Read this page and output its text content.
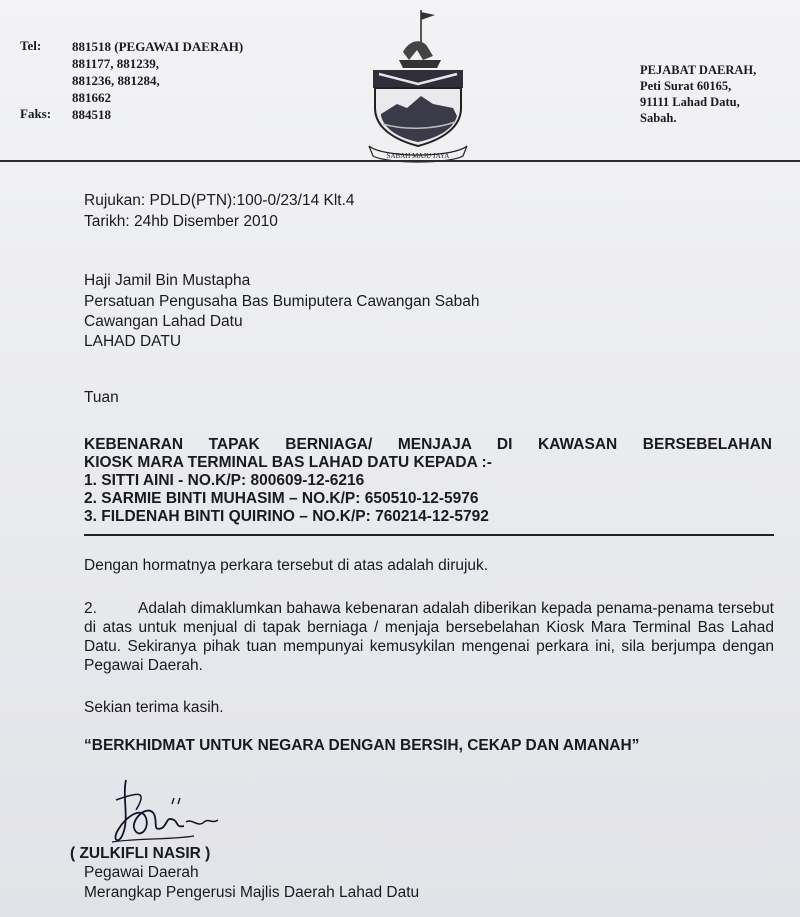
Tel: 881518 (PEGAWAI DAERAH)
881177, 881239,
881236, 881284,
881662
884518
Faks:
SABAH MAJU JAYA
PEJABAT DAERAH,
Peti Surat 60165,
91111 Lahad Datu,
Sabah.
Rujukan: PDLD(PTN):100-0/23/14 Klt.4
Tarikh: 24hb Disember 2010
Haji Jamil Bin Mustapha
Persatuan Pengusaha Bas Bumiputera Cawangan Sabah
Cawangan Lahad Datu
LAHAD DATU
Tuan
KEBENARAN TAPAK BERNIAGA/ MENJAJA DI KAWASAN BERSEBELAHAN
KIOSK MARA TERMINAL BAS LAHAD DATU KEPADA :-
1. SITTI AINI - NO.K/P: 800609-12-6216
2. SARMIE BINTI MUHASIM – NO.K/P: 650510-12-5976
3. FILDENAH BINTI QUIRINO – NO.K/P: 760214-12-5792
Dengan hormatnya perkara tersebut di atas adalah dirujuk.
2.	Adalah dimaklumkan bahawa kebenaran adalah diberikan kepada penama-penama tersebut di atas untuk menjual di tapak berniaga / menjaja bersebelahan Kiosk Mara Terminal Bas Lahad Datu. Sekiranya pihak tuan mempunyai kemusykilan mengenai perkara ini, sila berjumpa dengan Pegawai Daerah.
Sekian terima kasih.
“BERKHIDMAT UNTUK NEGARA DENGAN BERSIH, CEKAP DAN AMANAH”
( ZULKIFLI NASIR )
Pegawai Daerah
Merangkap Pengerusi Majlis Daerah Lahad Datu
